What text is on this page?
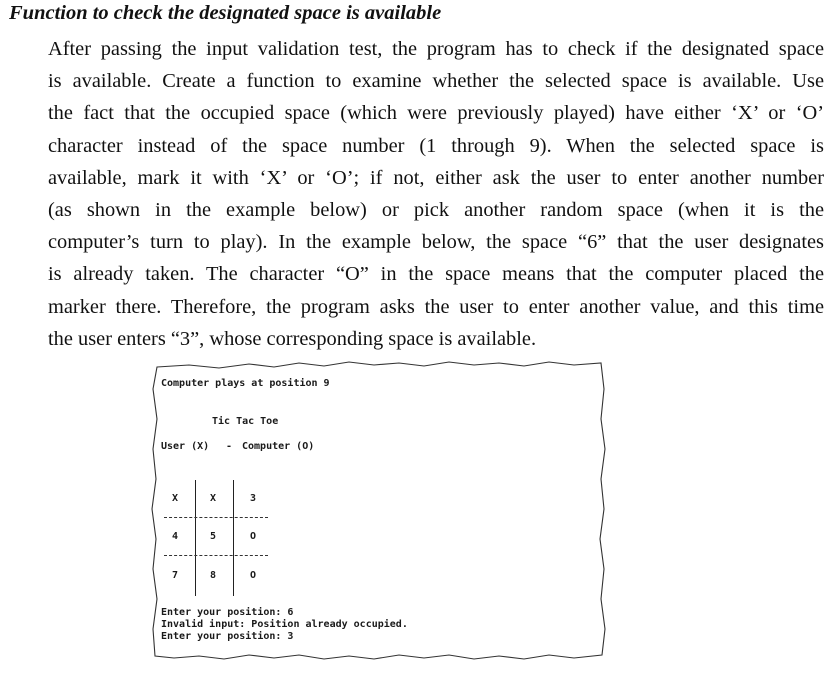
Function to check the designated space is available
After passing the input validation test, the program has to check if the designated space
is available. Create a function to examine whether the selected space is available. Use
the fact that the occupied space (which were previously played) have either ‘X’ or ‘O’
character instead of the space number (1 through 9). When the selected space is
available, mark it with ‘X’ or ‘O’; if not, either ask the user to enter another number
(as shown in the example below) or pick another random space (when it is the
computer’s turn to play). In the example below, the space “6” that the user designates
is already taken. The character “O” in the space means that the computer placed the
marker there. Therefore, the program asks the user to enter another value, and this time
the user enters “3”, whose corresponding space is available.
Computer plays at position 9
Tic Tac Toe
User (X) - Computer (O)
X	X	3
4	5	O
7	8	O
Enter your position: 6
Invalid input: Position already occupied.
Enter your position: 3
